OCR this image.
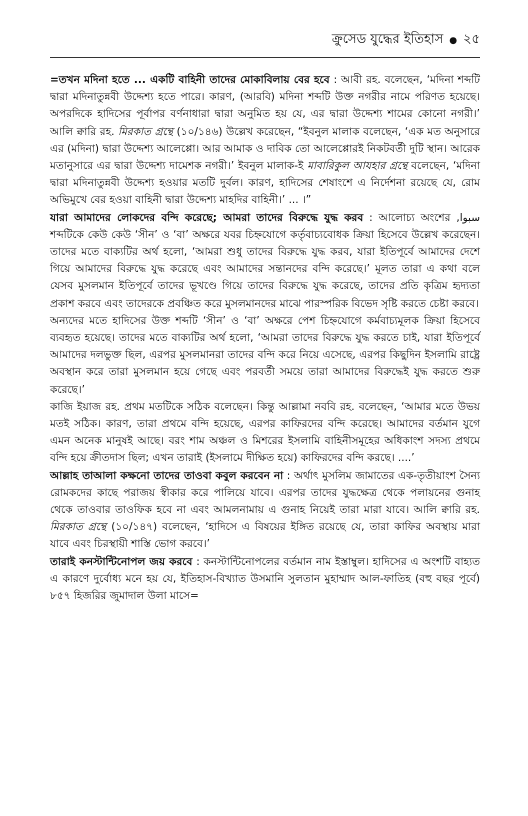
ক্রুসেড যুদ্ধের ইতিহাস ● ২৫

=তখন মদিনা হতে ... একটি বাহিনী তাদের মোকাবিলায় বের হবে : আবী রহ. বলেছেন, ‘মদিনা শব্দটি দ্বারা মদিনাতুন্নবী উদ্দেশ্য হতে পারে। কারণ, (আরবি) মদিনা শব্দটি উক্ত নগরীর নামে পরিণত হয়েছে। অপরদিকে হাদিসের পূর্বাপর বর্ণনাধারা দ্বারা অনুমিত হয় যে, এর দ্বারা উদ্দেশ্য শামের কোনো নগরী।’ আলি ক্বারি রহ. মিরকাত গ্রন্থে (১০/১৪৬) উল্লেখ করেছেন, “ইবনুল মালাক বলেছেন, ‘এক মত অনুসারে এর (মদিনা) দ্বারা উদ্দেশ্য আলেপ্পো। আর আমাক ও দাবিক তো আলেপ্পোরই নিকটবর্তী দুটি স্থান। আরেক মতানুসারে এর দ্বারা উদ্দেশ্য দামেশক নগরী।’ ইবনুল মালাক-ই মাবারিকুল আযহার গ্রন্থে বলেছেন, ‘মদিনা দ্বারা মদিনাতুন্নবী উদ্দেশ্য হওয়ার মতটি দুর্বল। কারণ, হাদিসের শেষাংশে এ নির্দেশনা রয়েছে যে, রোম অভিমুখে বের হওয়া বাহিনী দ্বারা উদ্দেশ্য মাহদির বাহিনী।’ ... ।”

যারা আমাদের লোকদের বন্দি করেছে; আমরা তাদের বিরুদ্ধে যুদ্ধ করব : আলোচ্য অংশের ,سبوا শব্দটিকে কেউ কেউ ‘সীন’ ও ‘বা’ অক্ষরে যবর চিহ্নযোগে কর্তৃবাচ্যবোধক ক্রিয়া হিসেবে উল্লেখ করেছেন। তাদের মতে বাক্যটির অর্থ হলো, ‘আমরা শুধু তাদের বিরুদ্ধে যুদ্ধ করব, যারা ইতিপূর্বে আমাদের দেশে গিয়ে আমাদের বিরুদ্ধে যুদ্ধ করেছে এবং আমাদের সন্তানদের বন্দি করেছে।’ মূলত তারা এ কথা বলে যেসব মুসলমান ইতিপূর্বে তাদের ভূখণ্ডে গিয়ে তাদের বিরুদ্ধে যুদ্ধ করেছে, তাদের প্রতি কৃত্রিম হৃদ্যতা প্রকাশ করবে এবং তাদেরকে প্রবঞ্চিত করে মুসলমানদের মাঝে পারস্পরিক বিভেদ সৃষ্টি করতে চেষ্টা করবে।

অন্যদের মতে হাদিসের উক্ত শব্দটি ‘সীন’ ও ‘বা’ অক্ষরে পেশ চিহ্নযোগে কর্মবাচ্যমূলক ক্রিয়া হিসেবে ব্যবহৃত হয়েছে। তাদের মতে বাক্যটির অর্থ হলো, ‘আমরা তাদের বিরুদ্ধে যুদ্ধ করতে চাই, যারা ইতিপূর্বে আমাদের দলভুক্ত ছিল, এরপর মুসলমানরা তাদের বন্দি করে নিয়ে এসেছে, এরপর কিছুদিন ইসলামি রাষ্ট্রে অবস্থান করে তারা মুসলমান হয়ে গেছে এবং পরবর্তী সময়ে তারা আমাদের বিরুদ্ধেই যুদ্ধ করতে শুরু করেছে।’

কাজি ইয়াজ রহ. প্রথম মতটিকে সঠিক বলেছেন। কিন্তু আল্লামা নববি রহ. বলেছেন, ‘আমার মতে উভয় মতই সঠিক। কারণ, তারা প্রথমে বন্দি হয়েছে, এরপর কাফিরদের বন্দি করেছে। আমাদের বর্তমান যুগে এমন অনেক মানুষই আছে। বরং শাম অঞ্চল ও মিশরের ইসলামি বাহিনীসমূহের অধিকাংশ সদস্য প্রথমে বন্দি হয়ে ক্রীতদাস ছিল; এখন তারাই (ইসলামে দীক্ষিত হয়ে) কাফিরদের বন্দি করছে। ....’

আল্লাহ তাআলা কক্ষনো তাদের তাওবা কবুল করবেন না : অর্থাৎ মুসলিম জামাতের এক-তৃতীয়াংশ সৈন্য রোমকদের কাছে পরাজয় স্বীকার করে পালিয়ে যাবে। এরপর তাদের যুদ্ধক্ষেত্র থেকে পলায়নের গুনাহ থেকে তাওবার তাওফিক হবে না এবং আমলনামায় এ গুনাহ নিয়েই তারা মারা যাবে। আলি ক্বারি রহ. মিরকাত গ্রন্থে (১০/১৪৭) বলেছেন, ‘হাদিসে এ বিষয়ের ইঙ্গিত রয়েছে যে, তারা কাফির অবস্থায় মারা যাবে এবং চিরস্থায়ী শাস্তি ভোগ করবে।’

তারাই কনস্টান্টিনোপল জয় করবে : কনস্টান্টিনোপলের বর্তমান নাম ইস্তাম্বুল। হাদিসের এ অংশটি বাহ্যত এ কারণে দুর্বোধ্য মনে হয় যে, ইতিহাস-বিখ্যাত উসমানি সুলতান মুহাম্মাদ আল-ফাতিহ (বহু বছর পূর্বে) ৮৫৭ হিজরির জুমাদাল উলা মাসে=
